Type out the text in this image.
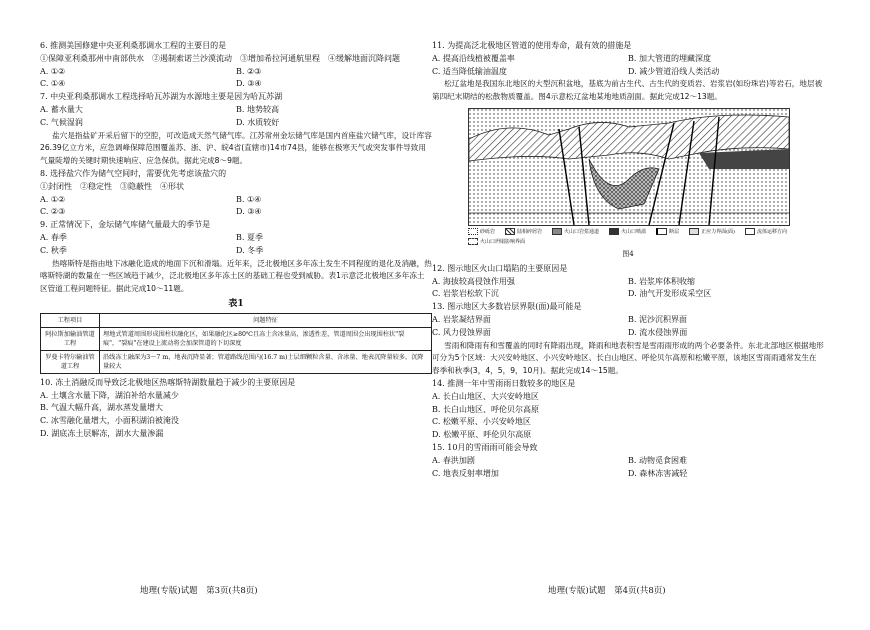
6. 推测美国修建中央亚利桑那调水工程的主要目的是

①保障亚利桑那州中南部供水　②遏制索诺兰沙漠流动　③增加希拉河通航里程　④缓解地面沉降问题

A. ①②	B. ②③
C. ①④	D. ③④

7. 中央亚利桑那调水工程选择哈瓦苏湖为水源地主要是因为哈瓦苏湖

A. 蓄水量大	B. 地势较高
C. 气候湿润	D. 水质较好

盐穴是指盐矿开采后留下的空腔，可改造成天然气储气库。江苏常州金坛储气库是国内首座盐穴储气库，设计库容26.39亿立方米，应急调峰保障范围覆盖苏、浙、沪、皖4省(直辖市)14市74县，能够在极寒天气或突发事件导致用气量陡增的关键时期快速响应、应急保供。据此完成8～9题。

8. 选择盐穴作为储气空间时，需要优先考虑该盐穴的

①封闭性　②稳定性　③隐蔽性　④形状

A. ①②	B. ①④
C. ②③	D. ③④

9. 正常情况下，金坛储气库储气量最大的季节是

A. 春季	B. 夏季
C. 秋季	D. 冬季

热喀斯特是指由地下冰融化造成的地面下沉和滑塌。近年来，泛北极地区多年冻土发生不同程度的退化及消融，热喀斯特湖的数量在一些区域趋于减少，泛北极地区多年冻土区的基础工程也受到威胁。表1示意泛北极地区多年冻土区管道工程问题特征。据此完成10～11题。

表1
工程项目	问题特征
阿拉斯加输油管道工程	埋地式管道周围形成围柱状融化区，如果融化区≥80℃且冻土含冰量高，渗透性差，管道周围会出现围柱状"裂痕"，"裂痕"在建设上流动将会加深管道的下切深度
罗曼卡特尔输油管道工程	沿线冻土融深为3～7 m，地表沉降显著；管道路线范围内(16.7 m)土层细颗粒含量、含冰量、地表沉降量较多，沉降量较大

10. 冻土消融反而导致泛北极地区热喀斯特湖数量趋于减少的主要原因是

A. 土壤含水量下降，湖泊补给水量减少

B. 气温大幅升高，湖水蒸发量增大

C. 冰雪融化量增大，小面积湖泊被淹没

D. 湖底冻土层解冻，湖水大量渗漏

11. 为提高泛北极地区管道的使用寿命，最有效的措施是

A. 提高沿线植被覆盖率	B. 加大管道的埋藏深度
C. 适当降低输油温度	D. 减少管道沿线人类活动

松辽盆地是我国东北地区的大型沉积盆地，基底为前古生代、古生代的变质岩、岩浆岩(如玢珠岩)等岩石，地层被第四纪末期结的松散物质覆盖。图4示意松辽盆地某地地质剖面。据此完成12～13题。

砂砾岩	陆相碎屑岩	火山口岩浆通道	火山口喷溢	断层	正应力界面(面)	流体运移方向
火山口坍塌影响界面
图4

12. 图示地区火山口塌陷的主要原因是

A. 海拔较高侵蚀作用强	B. 岩浆库体积收缩
C. 岩浆岩松软下沉	D. 油气开发形成采空区

13. 图示地区大多数岩层界限(面)最可能是

A. 岩浆凝结界面	B. 泥沙沉积界面
C. 风力侵蚀界面	D. 流水侵蚀界面

雪雨和降雨有和雪覆盖的同时有降雨出现，降雨和地表积雪是雪雨雨形成的两个必要条件。东北北部地区根据地形可分为5个区域：大兴安岭地区、小兴安岭地区、长白山地区、呼伦贝尔高原和松嫩平原，该地区雪雨雨通常发生在春季和秋季(3，4，5，9，10月)。据此完成14～15题。

14. 推测一年中雪雨雨日数较多的地区是

A. 长白山地区、大兴安岭地区

B. 长白山地区、呼伦贝尔高原

C. 松嫩平原、小兴安岭地区

D. 松嫩平原、呼伦贝尔高原

15. 10月的雪雨雨可能会导致

A. 春洪加剧	B. 动物觅食困难
C. 地表反射率增加	D. 森林冻害减轻
地理(专版)试题　第3页(共8页)	地理(专版)试题　第4页(共8页)
